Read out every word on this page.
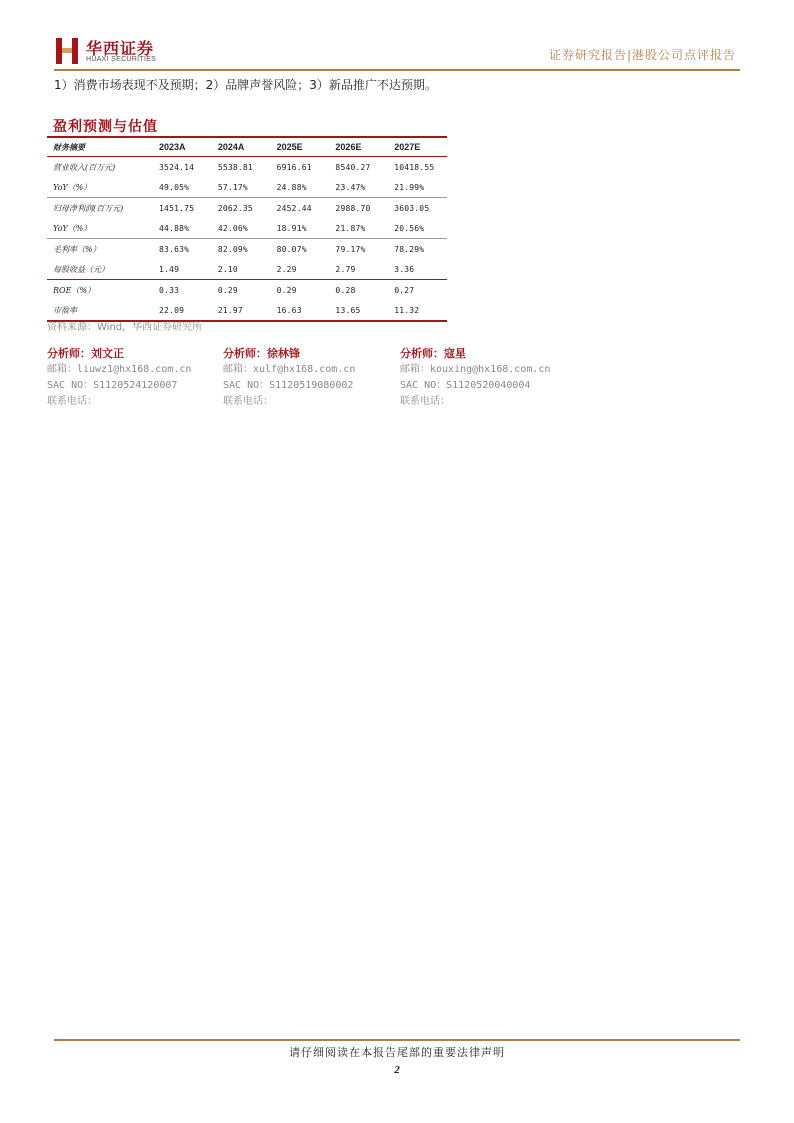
华西证券
HUAXI SECURITIES	证券研究报告|港股公司点评报告
1）消费市场表现不及预期；2）品牌声誉风险；3）新品推广不达预期。
盈利预测与估值
财务摘要	2023A	2024A	2025E	2026E	2027E
营业收入(百万元)	3524.14	5538.81	6916.61	8540.27	10418.55
YoY（%）	49.05%	57.17%	24.88%	23.47%	21.99%
归母净利润(百万元)	1451.75	2062.35	2452.44	2988.70	3603.05
YoY（%）	44.88%	42.06%	18.91%	21.87%	20.56%
毛利率（%）	83.63%	82.09%	80.07%	79.17%	78.29%
每股收益（元）	1.49	2.10	2.29	2.79	3.36
ROE（%）	0.33	0.29	0.29	0.28	0.27
市盈率	22.09	21.97	16.63	13.65	11.32
资料来源：Wind，华西证券研究所
分析师：刘文正
邮箱：liuwz1@hx168.com.cn
SAC NO：S1120524120007
联系电话：
分析师：徐林锋
邮箱：xulf@hx168.com.cn
SAC NO：S1120519080002
联系电话：
分析师：寇星
邮箱：kouxing@hx168.com.cn
SAC NO：S1120520040004
联系电话：
请仔细阅读在本报告尾部的重要法律声明
2
